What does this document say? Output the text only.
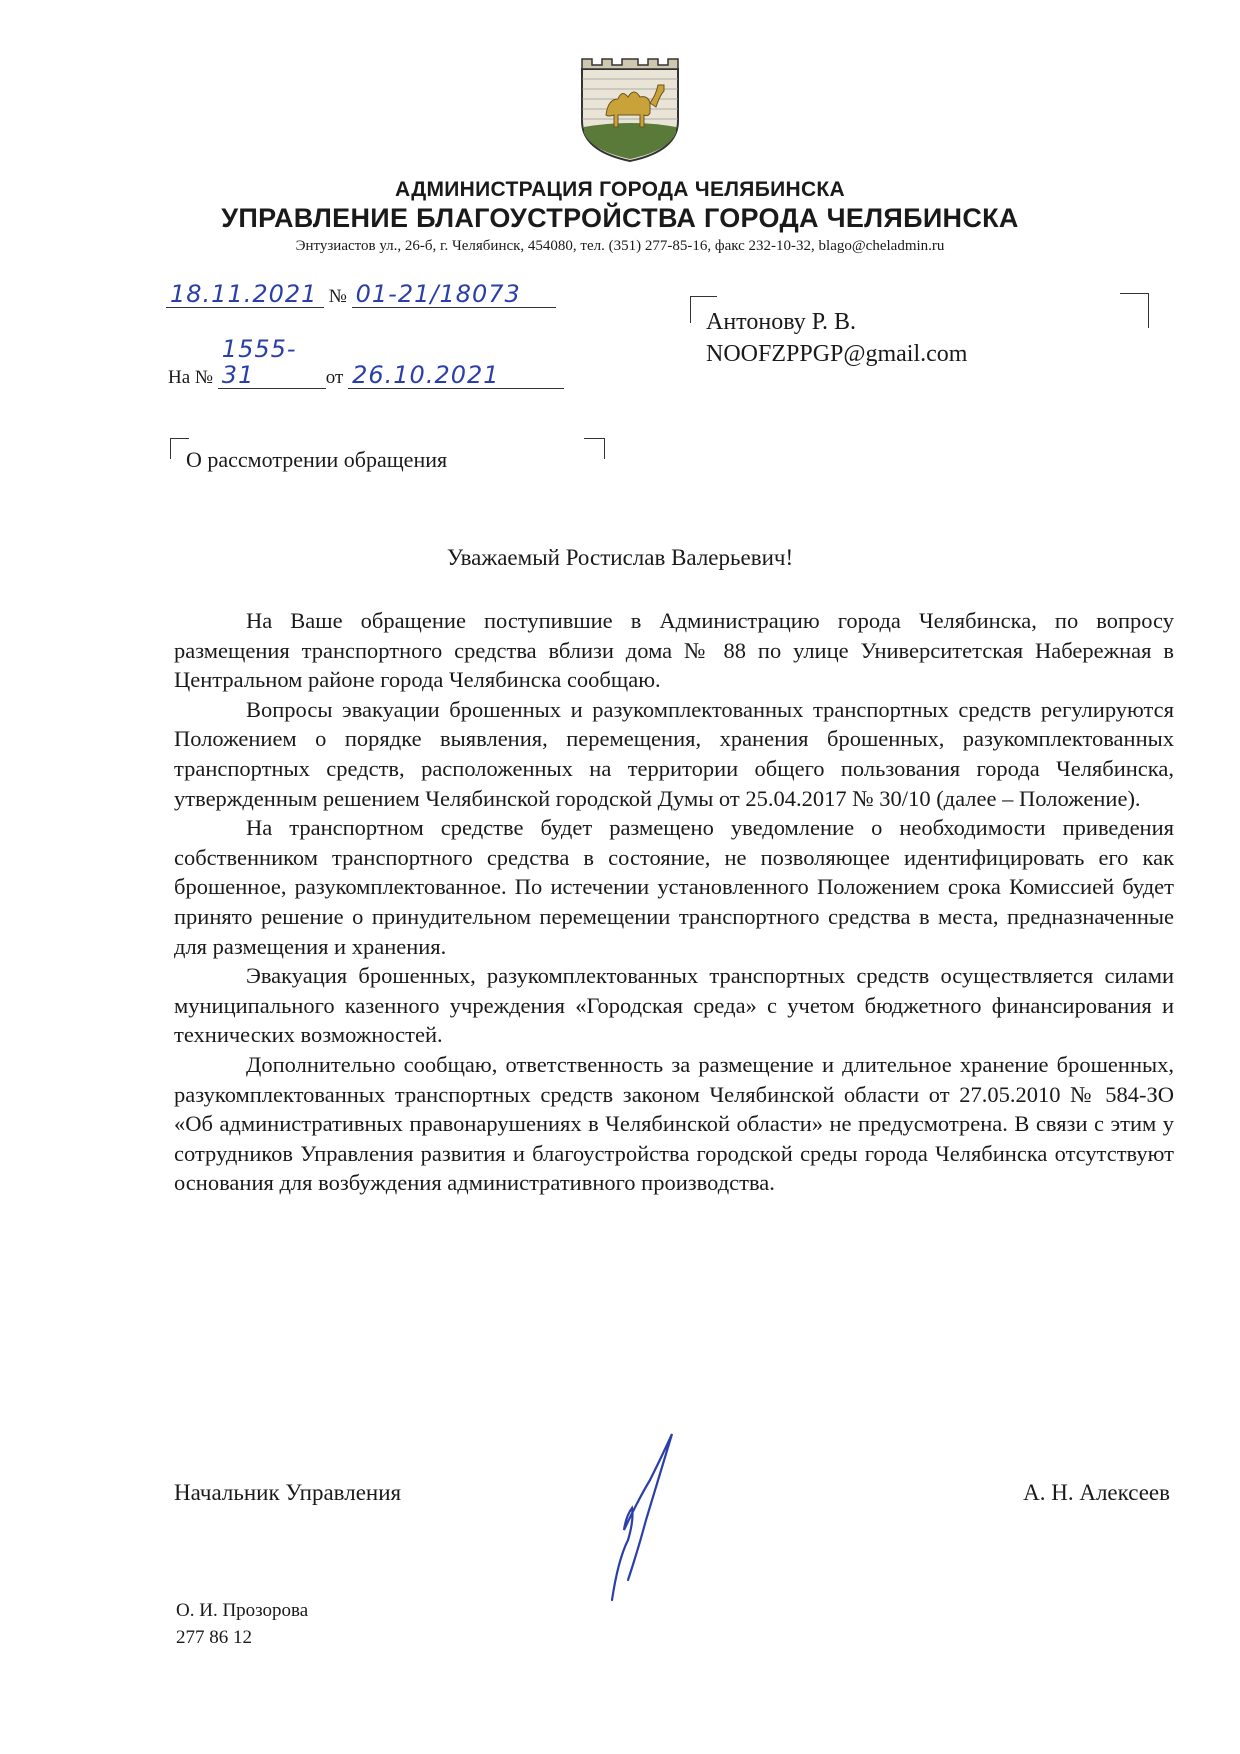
АДМИНИСТРАЦИЯ ГОРОДА ЧЕЛЯБИНСКА
УПРАВЛЕНИЕ БЛАГОУСТРОЙСТВА ГОРОДА ЧЕЛЯБИНСКА
Энтузиастов ул., 26-б, г. Челябинск, 454080, тел. (351) 277-85-16, факс 232-10-32, blago@cheladmin.ru
18.11.2021 № 01-21/18073
На № 1555-31	от 26.10.2021
Антонову Р. В.
NOOFZPPGP@gmail.com
О рассмотрении обращения
Уважаемый Ростислав Валерьевич!

На Ваше обращение поступившие в Администрацию города Челябинска, по вопросу размещения транспортного средства вблизи дома № 88 по улице Университетская Набережная в Центральном районе города Челябинска сообщаю.

Вопросы эвакуации брошенных и разукомплектованных транспортных средств регулируются Положением о порядке выявления, перемещения, хранения брошенных, разукомплектованных транспортных средств, расположенных на территории общего пользования города Челябинска, утвержденным решением Челябинской городской Думы от 25.04.2017 № 30/10 (далее – Положение).

На транспортном средстве будет размещено уведомление о необходимости приведения собственником транспортного средства в состояние, не позволяющее идентифицировать его как брошенное, разукомплектованное. По истечении установленного Положением срока Комиссией будет принято решение о принудительном перемещении транспортного средства в места, предназначенные для размещения и хранения.

Эвакуация брошенных, разукомплектованных транспортных средств осуществляется силами муниципального казенного учреждения «Городская среда» с учетом бюджетного финансирования и технических возможностей.

Дополнительно сообщаю, ответственность за размещение и длительное хранение брошенных, разукомплектованных транспортных средств законом Челябинской области от 27.05.2010 № 584-ЗО «Об административных правонарушениях в Челябинской области» не предусмотрена. В связи с этим у сотрудников Управления развития и благоустройства городской среды города Челябинска отсутствуют основания для возбуждения административного производства.

Начальник Управления	А. Н. Алексеев
О. И. Прозорова
277 86 12
